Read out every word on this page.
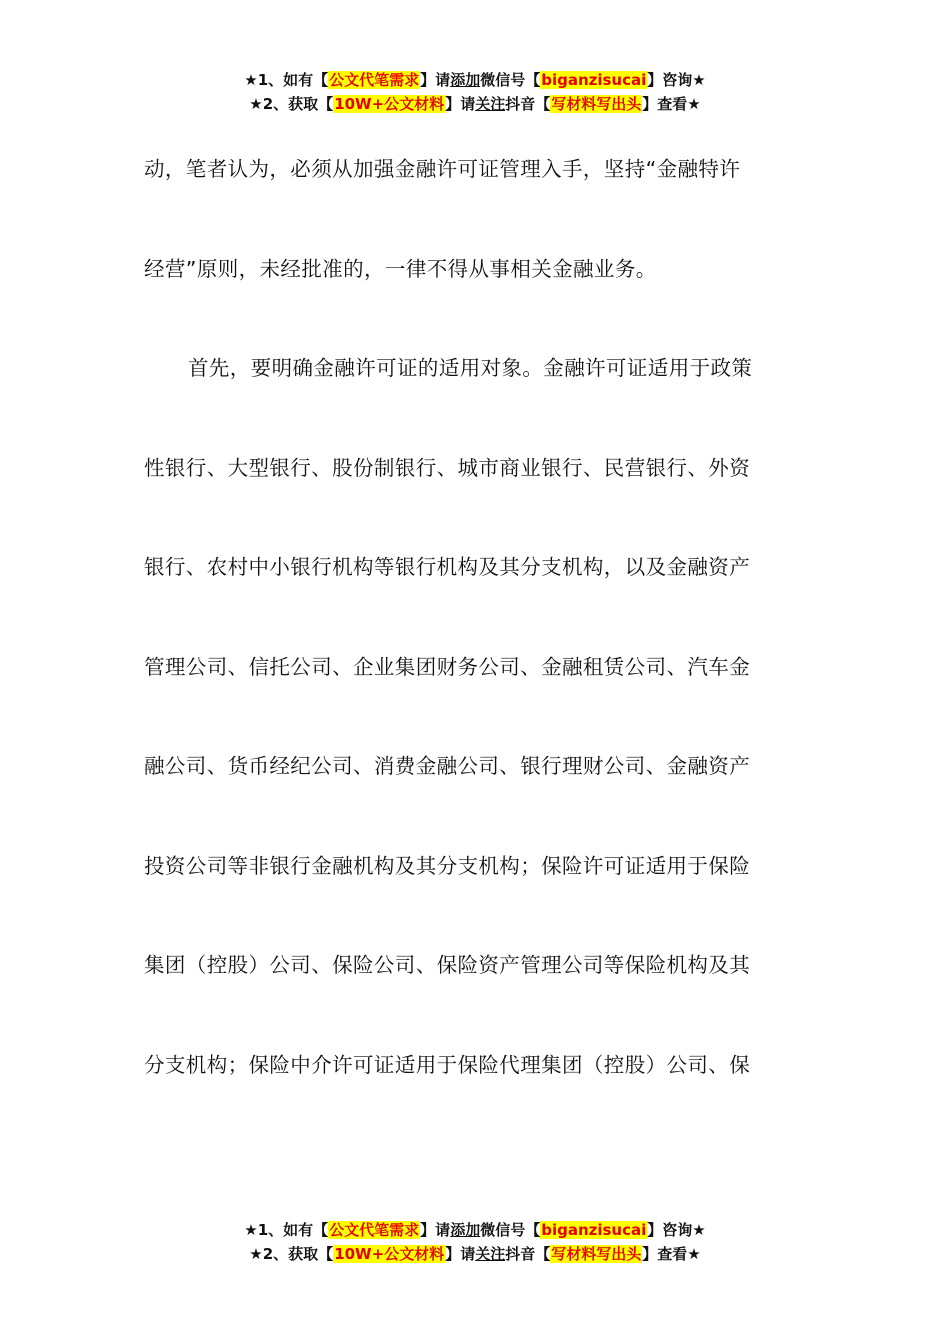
★1、如有【公文代笔需求】请添加微信号【biganzisucai】咨询★
★2、获取【10W+公文材料】请关注抖音【写材料写出头】查看★
动，笔者认为，必须从加强金融许可证管理入手，坚持“金融特许
经营”原则，未经批准的，一律不得从事相关金融业务。
首先，要明确金融许可证的适用对象。金融许可证适用于政策
性银行、大型银行、股份制银行、城市商业银行、民营银行、外资
银行、农村中小银行机构等银行机构及其分支机构，以及金融资产
管理公司、信托公司、企业集团财务公司、金融租赁公司、汽车金
融公司、货币经纪公司、消费金融公司、银行理财公司、金融资产
投资公司等非银行金融机构及其分支机构；保险许可证适用于保险
集团（控股）公司、保险公司、保险资产管理公司等保险机构及其
分支机构；保险中介许可证适用于保险代理集团（控股）公司、保
★1、如有【公文代笔需求】请添加微信号【biganzisucai】咨询★
★2、获取【10W+公文材料】请关注抖音【写材料写出头】查看★
